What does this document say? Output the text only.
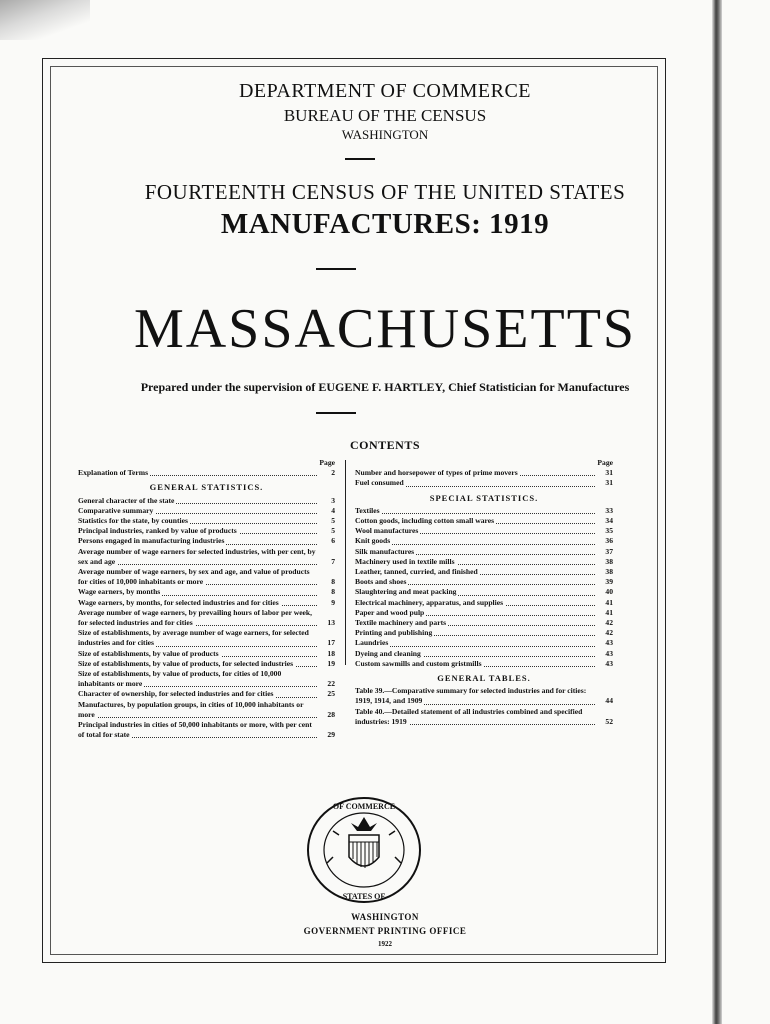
DEPARTMENT OF COMMERCE
BUREAU OF THE CENSUS
WASHINGTON
FOURTEENTH CENSUS OF THE UNITED STATES
MANUFACTURES: 1919
MASSACHUSETTS
Prepared under the supervision of EUGENE F. HARTLEY, Chief Statistician for Manufactures
CONTENTS
Page
Explanation of Terms	2
GENERAL STATISTICS.
General character of the state	3
Comparative summary	4
Statistics for the state, by counties	5
Principal industries, ranked by value of products	5
Persons engaged in manufacturing industries	6
Average number of wage earners for selected industries, with per cent, by sex and age	7
Average number of wage earners, by sex and age, and value of products for cities of 10,000 inhabitants or more	8
Wage earners, by months	8
Wage earners, by months, for selected industries and for cities	9
Average number of wage earners, by prevailing hours of labor per week, for selected industries and for cities	13
Size of establishments, by average number of wage earners, for selected industries and for cities	17
Size of establishments, by value of products	18
Size of establishments, by value of products, for selected industries	19
Size of establishments, by value of products, for cities of 10,000 inhabitants or more	22
Character of ownership, for selected industries and for cities	25
Manufactures, by population groups, in cities of 10,000 inhabitants or more	28
Principal industries in cities of 50,000 inhabitants or more, with per cent of total for state	29
Page
Number and horsepower of types of prime movers	31
Fuel consumed	31
SPECIAL STATISTICS.
Textiles	33
Cotton goods, including cotton small wares	34
Wool manufactures	35
Knit goods	36
Silk manufactures	37
Machinery used in textile mills	38
Leather, tanned, curried, and finished	38
Boots and shoes	39
Slaughtering and meat packing	40
Electrical machinery, apparatus, and supplies	41
Paper and wood pulp	41
Textile machinery and parts	42
Printing and publishing	42
Laundries	43
Dyeing and cleaning	43
Custom sawmills and custom gristmills	43
GENERAL TABLES.
Table 39.—Comparative summary for selected industries and for cities: 1919, 1914, and 1909	44
Table 40.—Detailed statement of all industries combined and specified industries: 1919	52
OF COMMERCE
STATES OF
WASHINGTON
GOVERNMENT PRINTING OFFICE
1922
